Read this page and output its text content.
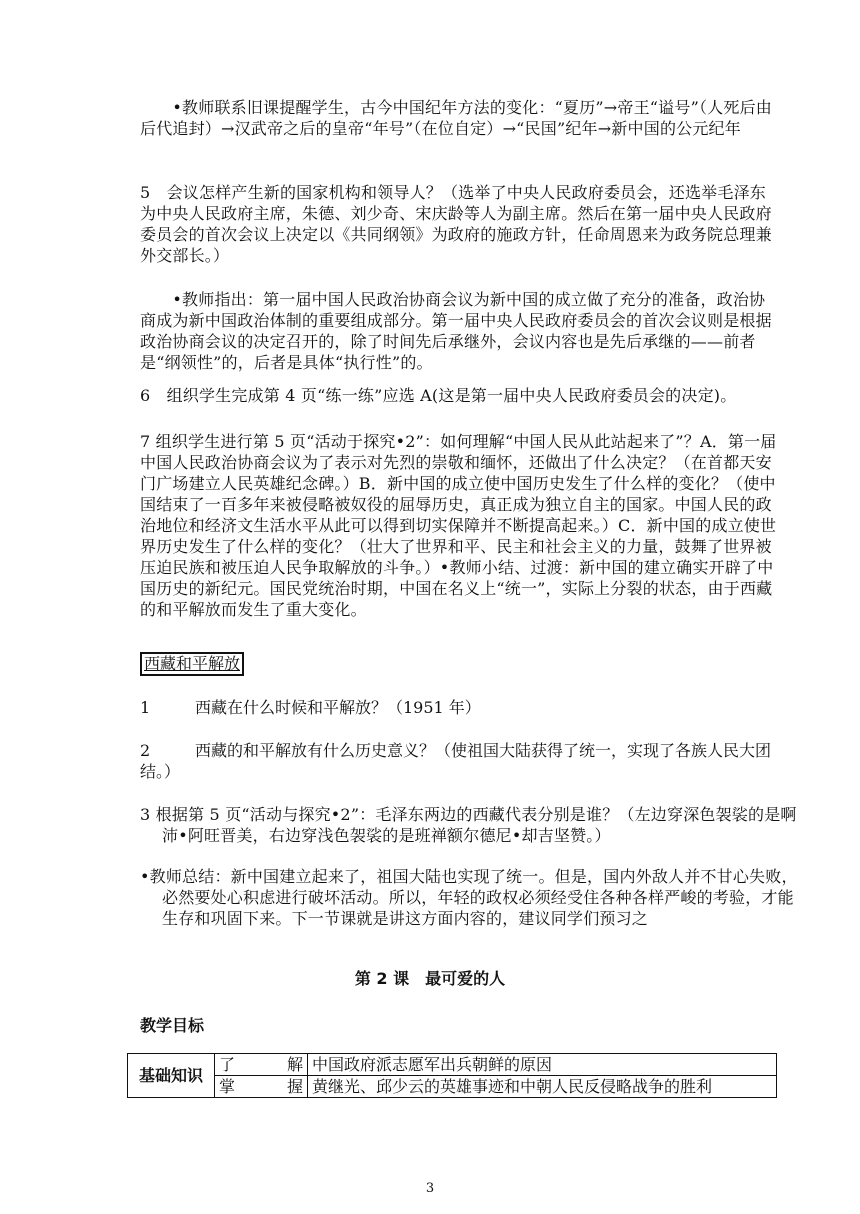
　　•教师联系旧课提醒学生，古今中国纪年方法的变化：“夏历”→帝王“谥号”（人死后由后代追封）→汉武帝之后的皇帝“年号”（在位自定）→“民国”纪年→新中国的公元纪年

5　会议怎样产生新的国家机构和领导人？（选举了中央人民政府委员会，还选举毛泽东为中央人民政府主席，朱德、刘少奇、宋庆龄等人为副主席。然后在第一届中央人民政府委员会的首次会议上决定以《共同纲领》为政府的施政方针，任命周恩来为政务院总理兼外交部长。）

　　•教师指出：第一届中国人民政治协商会议为新中国的成立做了充分的准备，政治协商成为新中国政治体制的重要组成部分。第一届中央人民政府委员会的首次会议则是根据政治协商会议的决定召开的，除了时间先后承继外，会议内容也是先后承继的——前者是“纲领性”的，后者是具体“执行性”的。

6　组织学生完成第 4 页“练一练”应选 A(这是第一届中央人民政府委员会的决定)。

7 组织学生进行第 5 页“活动于探究•2”：如何理解“中国人民从此站起来了”？A．第一届中国人民政治协商会议为了表示对先烈的崇敬和缅怀，还做出了什么决定？（在首都天安门广场建立人民英雄纪念碑。）B．新中国的成立使中国历史发生了什么样的变化？（使中国结束了一百多年来被侵略被奴役的屈辱历史，真正成为独立自主的国家。中国人民的政治地位和经济文生活水平从此可以得到切实保障并不断提高起来。）C．新中国的成立使世界历史发生了什么样的变化？（壮大了世界和平、民主和社会主义的力量，鼓舞了世界被压迫民族和被压迫人民争取解放的斗争。）•教师小结、过渡：新中国的建立确实开辟了中国历史的新纪元。国民党统治时期，中国在名义上“统一”，实际上分裂的状态，由于西藏的和平解放而发生了重大变化。

西藏和平解放
1	西藏在什么时候和平解放？（1951 年）
2	西藏的和平解放有什么历史意义？（使祖国大陆获得了统一，实现了各族人民大团结。）

3 根据第 5 页“活动与探究•2”：毛泽东两边的西藏代表分别是谁？（左边穿深色袈裟的是啊沛•阿旺晋美，右边穿浅色袈裟的是班禅额尔德尼•却吉坚赞。）

•教师总结：新中国建立起来了，祖国大陆也实现了统一。但是，国内外敌人并不甘心失败，必然要处心积虑进行破坏活动。所以，年轻的政权必须经受住各种各样严峻的考验，才能生存和巩固下来。下一节课就是讲这方面内容的，建议同学们预习之

第 2 课　最可爱的人
教学目标
基础知识	了解	中国政府派志愿军出兵朝鲜的原因
	掌握	黄继光、邱少云的英雄事迹和中朝人民反侵略战争的胜利
3
